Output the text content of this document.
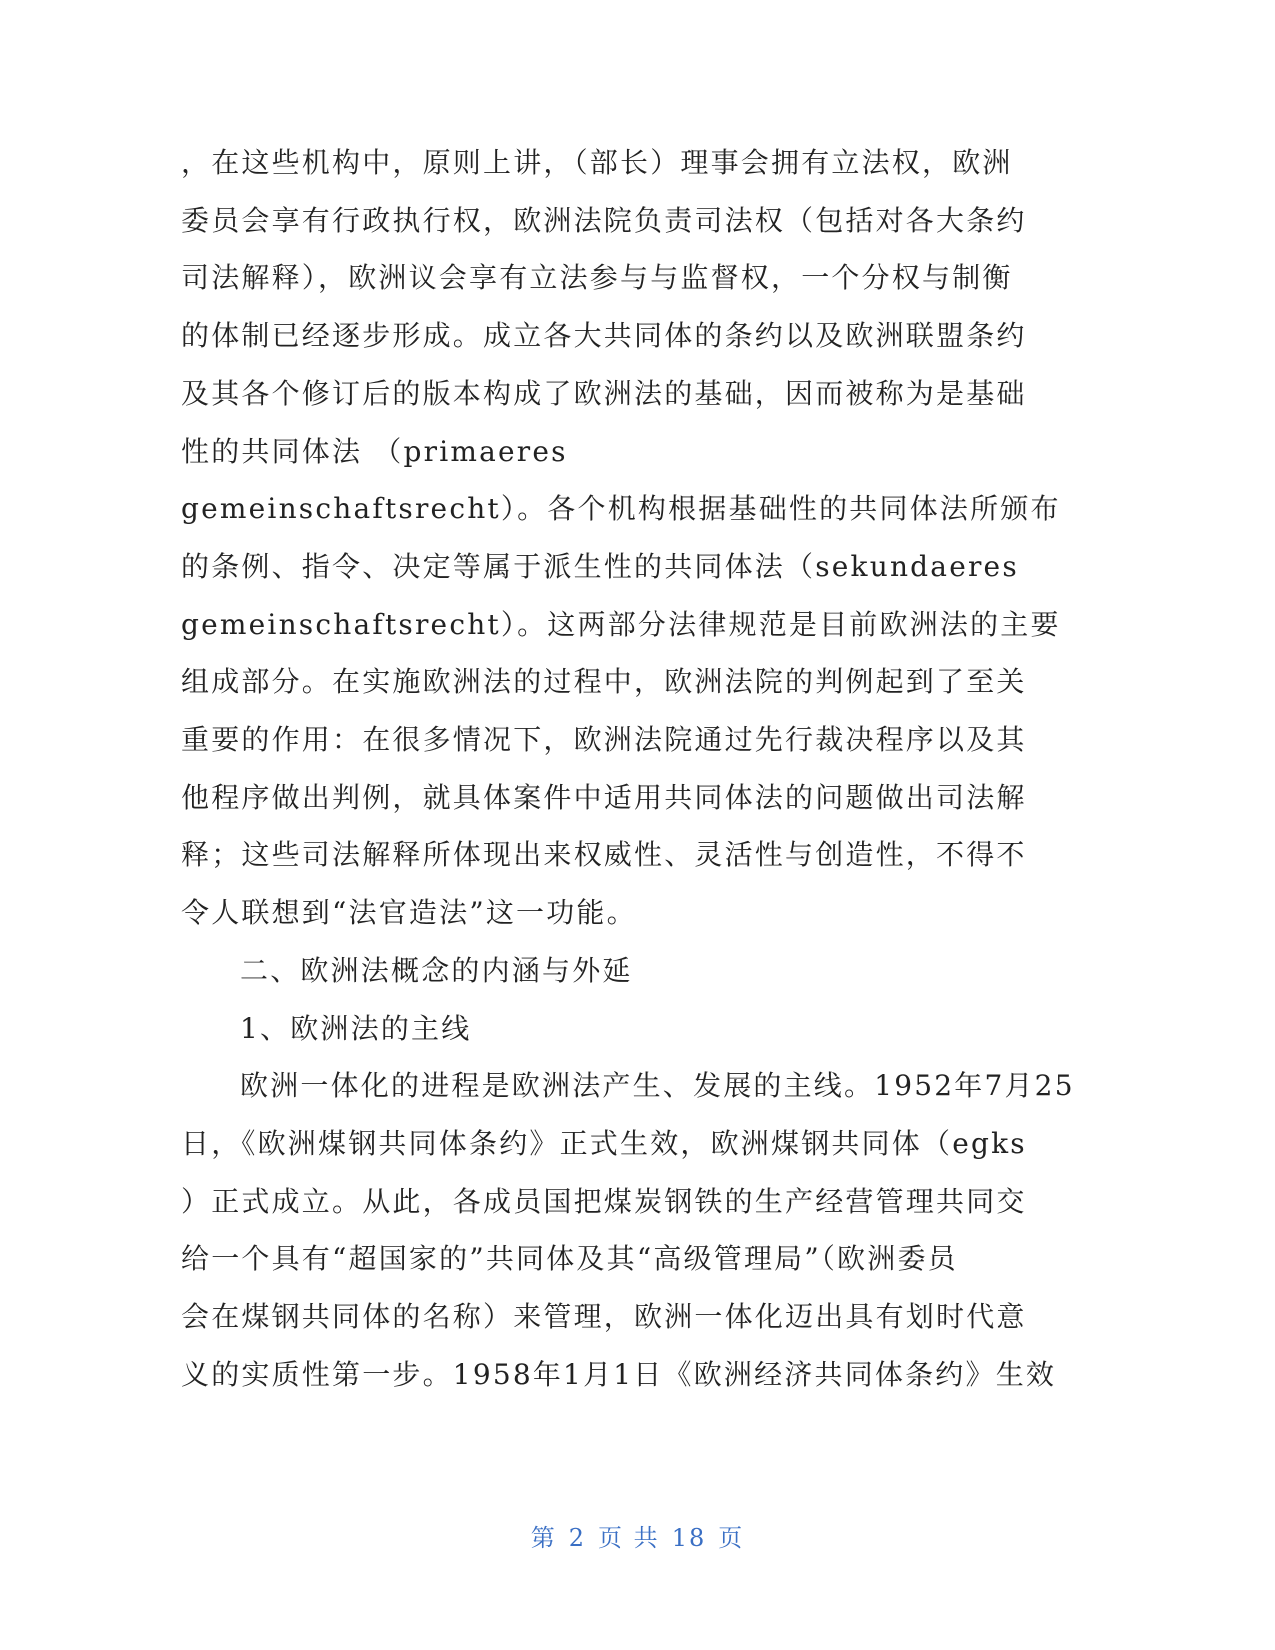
，在这些机构中，原则上讲，（部长）理事会拥有立法权，欧洲
委员会享有行政执行权，欧洲法院负责司法权（包括对各大条约
司法解释），欧洲议会享有立法参与与监督权，一个分权与制衡
的体制已经逐步形成。成立各大共同体的条约以及欧洲联盟条约
及其各个修订后的版本构成了欧洲法的基础，因而被称为是基础
性的共同体法 （primaeres
gemeinschaftsrecht）。各个机构根据基础性的共同体法所颁布
的条例、指令、决定等属于派生性的共同体法（sekundaeres
gemeinschaftsrecht）。这两部分法律规范是目前欧洲法的主要
组成部分。在实施欧洲法的过程中，欧洲法院的判例起到了至关
重要的作用：在很多情况下，欧洲法院通过先行裁决程序以及其
他程序做出判例，就具体案件中适用共同体法的问题做出司法解
释；这些司法解释所体现出来权威性、灵活性与创造性，不得不
令人联想到“法官造法”这一功能。
二、欧洲法概念的内涵与外延
1、欧洲法的主线
欧洲一体化的进程是欧洲法产生、发展的主线。1952年7月25
日，《欧洲煤钢共同体条约》正式生效，欧洲煤钢共同体（egks
）正式成立。从此，各成员国把煤炭钢铁的生产经营管理共同交
给一个具有“超国家的”共同体及其“高级管理局”（欧洲委员
会在煤钢共同体的名称）来管理，欧洲一体化迈出具有划时代意
义的实质性第一步。1958年1月1日《欧洲经济共同体条约》生效
第 2 页 共 18 页
